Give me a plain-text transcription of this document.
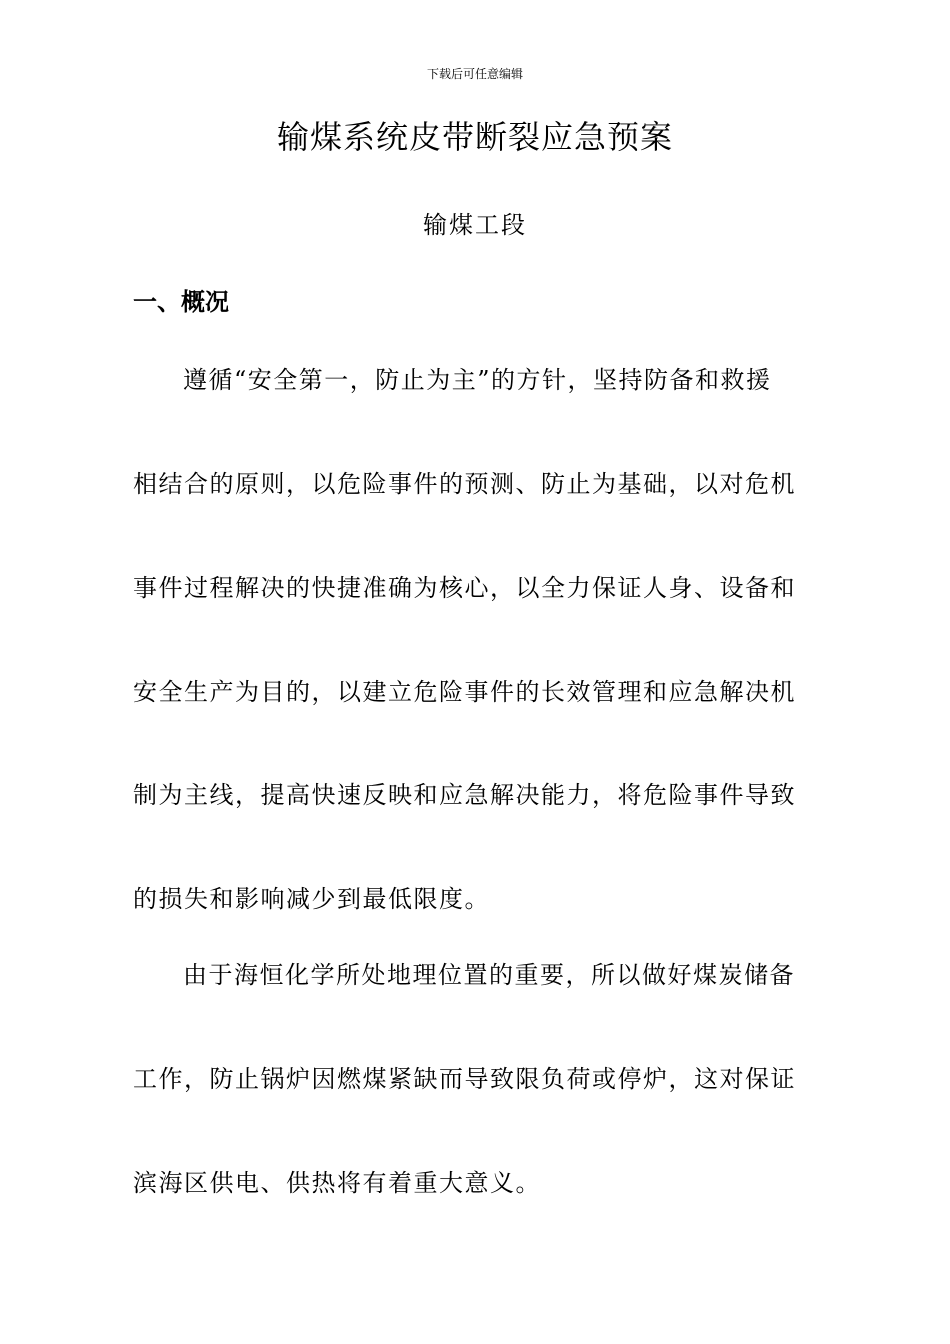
下载后可任意编辑
输煤系统皮带断裂应急预案
输煤工段
一、概况
遵循“安全第一，防止为主”的方针，坚持防备和救援
相结合的原则，以危险事件的预测、防止为基础，以对危机
事件过程解决的快捷准确为核心，以全力保证人身、设备和
安全生产为目的，以建立危险事件的长效管理和应急解决机
制为主线，提高快速反映和应急解决能力，将危险事件导致
的损失和影响减少到最低限度。
由于海恒化学所处地理位置的重要，所以做好煤炭储备
工作，防止锅炉因燃煤紧缺而导致限负荷或停炉，这对保证
滨海区供电、供热将有着重大意义。
